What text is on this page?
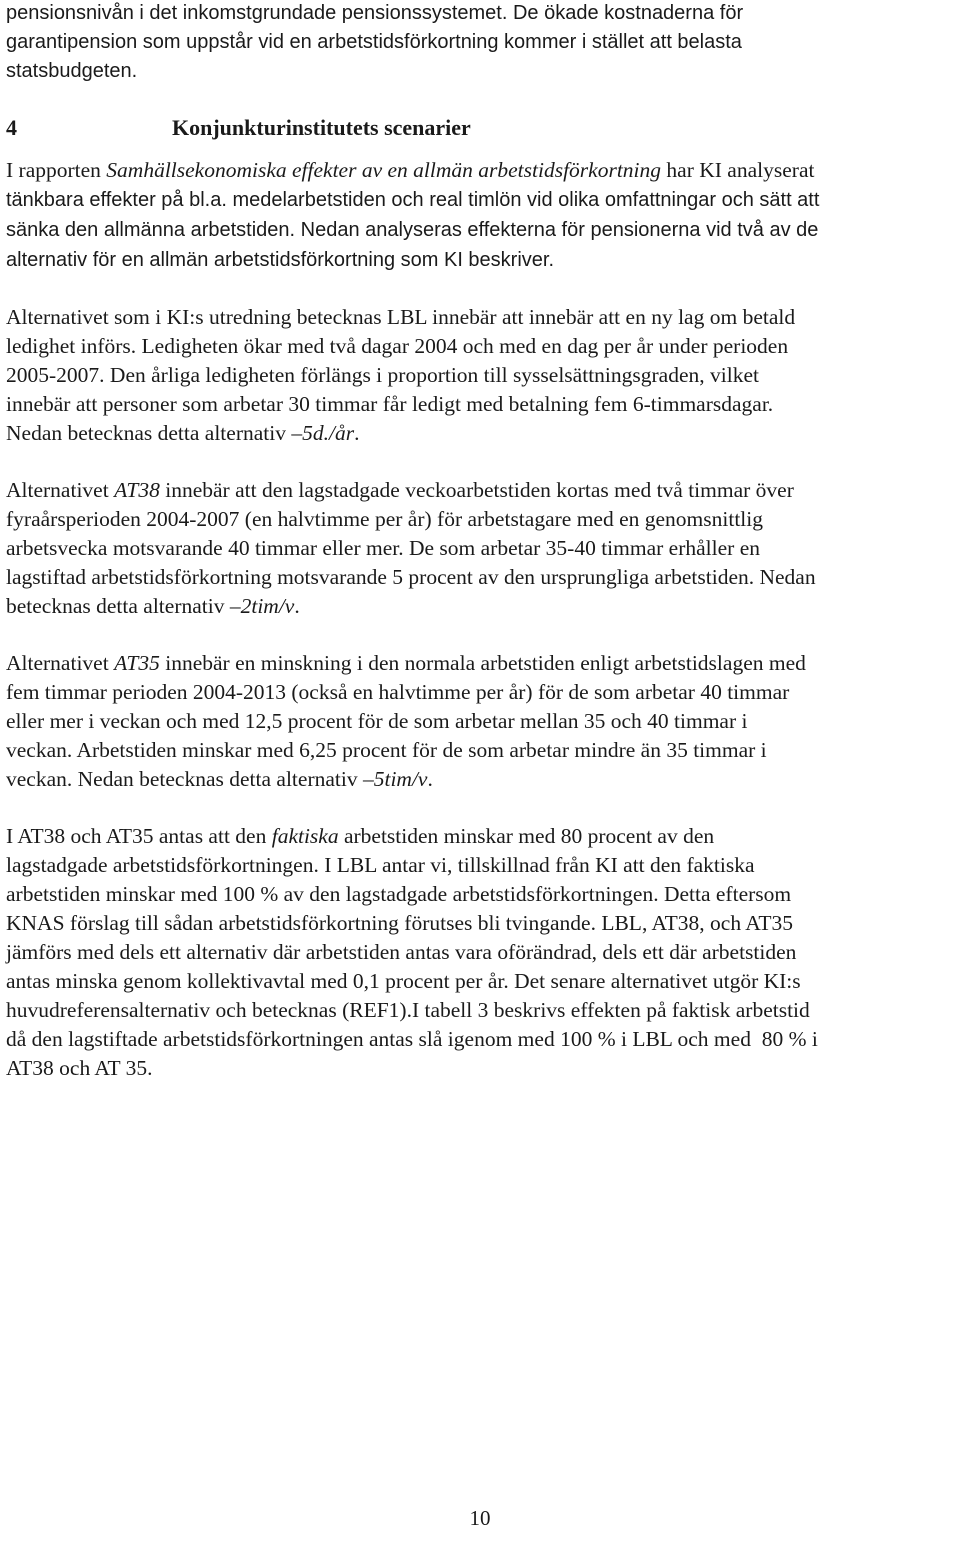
pensionsnivån i det inkomstgrundade pensionssystemet. De ökade kostnaderna för
garantipension som uppstår vid en arbetstidsförkortning kommer i stället att belasta
statsbudgeten.

4	Konjunkturinstitutets scenarier

I rapporten Samhällsekonomiska effekter av en allmän arbetstidsförkortning har KI analyserat
tänkbara effekter på bl.a. medelarbetstiden och real timlön vid olika omfattningar och sätt att
sänka den allmänna arbetstiden. Nedan analyseras effekterna för pensionerna vid två av de
alternativ för en allmän arbetstidsförkortning som KI beskriver.

Alternativet som i KI:s utredning betecknas LBL innebär att innebär att en ny lag om betald
ledighet införs. Ledigheten ökar med två dagar 2004 och med en dag per år under perioden
2005-2007. Den årliga ledigheten förlängs i proportion till sysselsättningsgraden, vilket
innebär att personer som arbetar 30 timmar får ledigt med betalning fem 6-timmarsdagar.
Nedan betecknas detta alternativ –5d./år.

Alternativet AT38 innebär att den lagstadgade veckoarbetstiden kortas med två timmar över
fyraårsperioden 2004-2007 (en halvtimme per år) för arbetstagare med en genomsnittlig
arbetsvecka motsvarande 40 timmar eller mer. De som arbetar 35-40 timmar erhåller en
lagstiftad arbetstidsförkortning motsvarande 5 procent av den ursprungliga arbetstiden. Nedan
betecknas detta alternativ –2tim/v.

Alternativet AT35 innebär en minskning i den normala arbetstiden enligt arbetstidslagen med
fem timmar perioden 2004-2013 (också en halvtimme per år) för de som arbetar 40 timmar
eller mer i veckan och med 12,5 procent för de som arbetar mellan 35 och 40 timmar i
veckan. Arbetstiden minskar med 6,25 procent för de som arbetar mindre än 35 timmar i
veckan. Nedan betecknas detta alternativ –5tim/v.

I AT38 och AT35 antas att den faktiska arbetstiden minskar med 80 procent av den
lagstadgade arbetstidsförkortningen. I LBL antar vi, tillskillnad från KI att den faktiska
arbetstiden minskar med 100 % av den lagstadgade arbetstidsförkortningen. Detta eftersom
KNAS förslag till sådan arbetstidsförkortning förutses bli tvingande. LBL, AT38, och AT35
jämförs med dels ett alternativ där arbetstiden antas vara oförändrad, dels ett där arbetstiden
antas minska genom kollektivavtal med 0,1 procent per år. Det senare alternativet utgör KI:s
huvudreferensalternativ och betecknas (REF1).I tabell 3 beskrivs effekten på faktisk arbetstid
då den lagstiftade arbetstidsförkortningen antas slå igenom med 100 % i LBL och med  80 % i
AT38 och AT 35.

10
